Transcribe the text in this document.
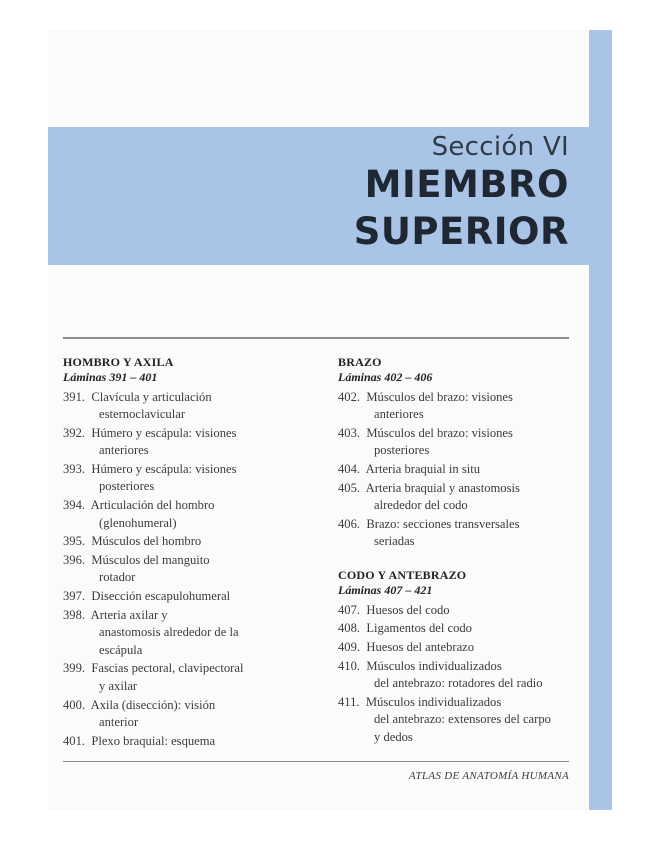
Sección VI
MIEMBRO
SUPERIOR
HOMBRO Y AXILA
Láminas 391 – 401
391. Clavícula y articulación
esternoclavicular
392. Húmero y escápula: visiones
anteriores
393. Húmero y escápula: visiones
posteriores
394. Articulación del hombro
(glenohumeral)
395. Músculos del hombro
396. Músculos del manguito
rotador
397. Disección escapulohumeral
398. Arteria axilar y
anastomosis alrededor de la
escápula
399. Fascias pectoral, clavipectoral
y axilar
400. Axila (disección): visión
anterior
401. Plexo braquial: esquema
BRAZO
Láminas 402 – 406
402. Músculos del brazo: visiones
anteriores
403. Músculos del brazo: visiones
posteriores
404. Arteria braquial in situ
405. Arteria braquial y anastomosis
alrededor del codo
406. Brazo: secciones transversales
seriadas
CODO Y ANTEBRAZO
Láminas 407 – 421
407. Huesos del codo
408. Ligamentos del codo
409. Huesos del antebrazo
410. Músculos individualizados
del antebrazo: rotadores del radio
411. Músculos individualizados
del antebrazo: extensores del carpo
y dedos
ATLAS DE ANATOMÍA HUMANA
